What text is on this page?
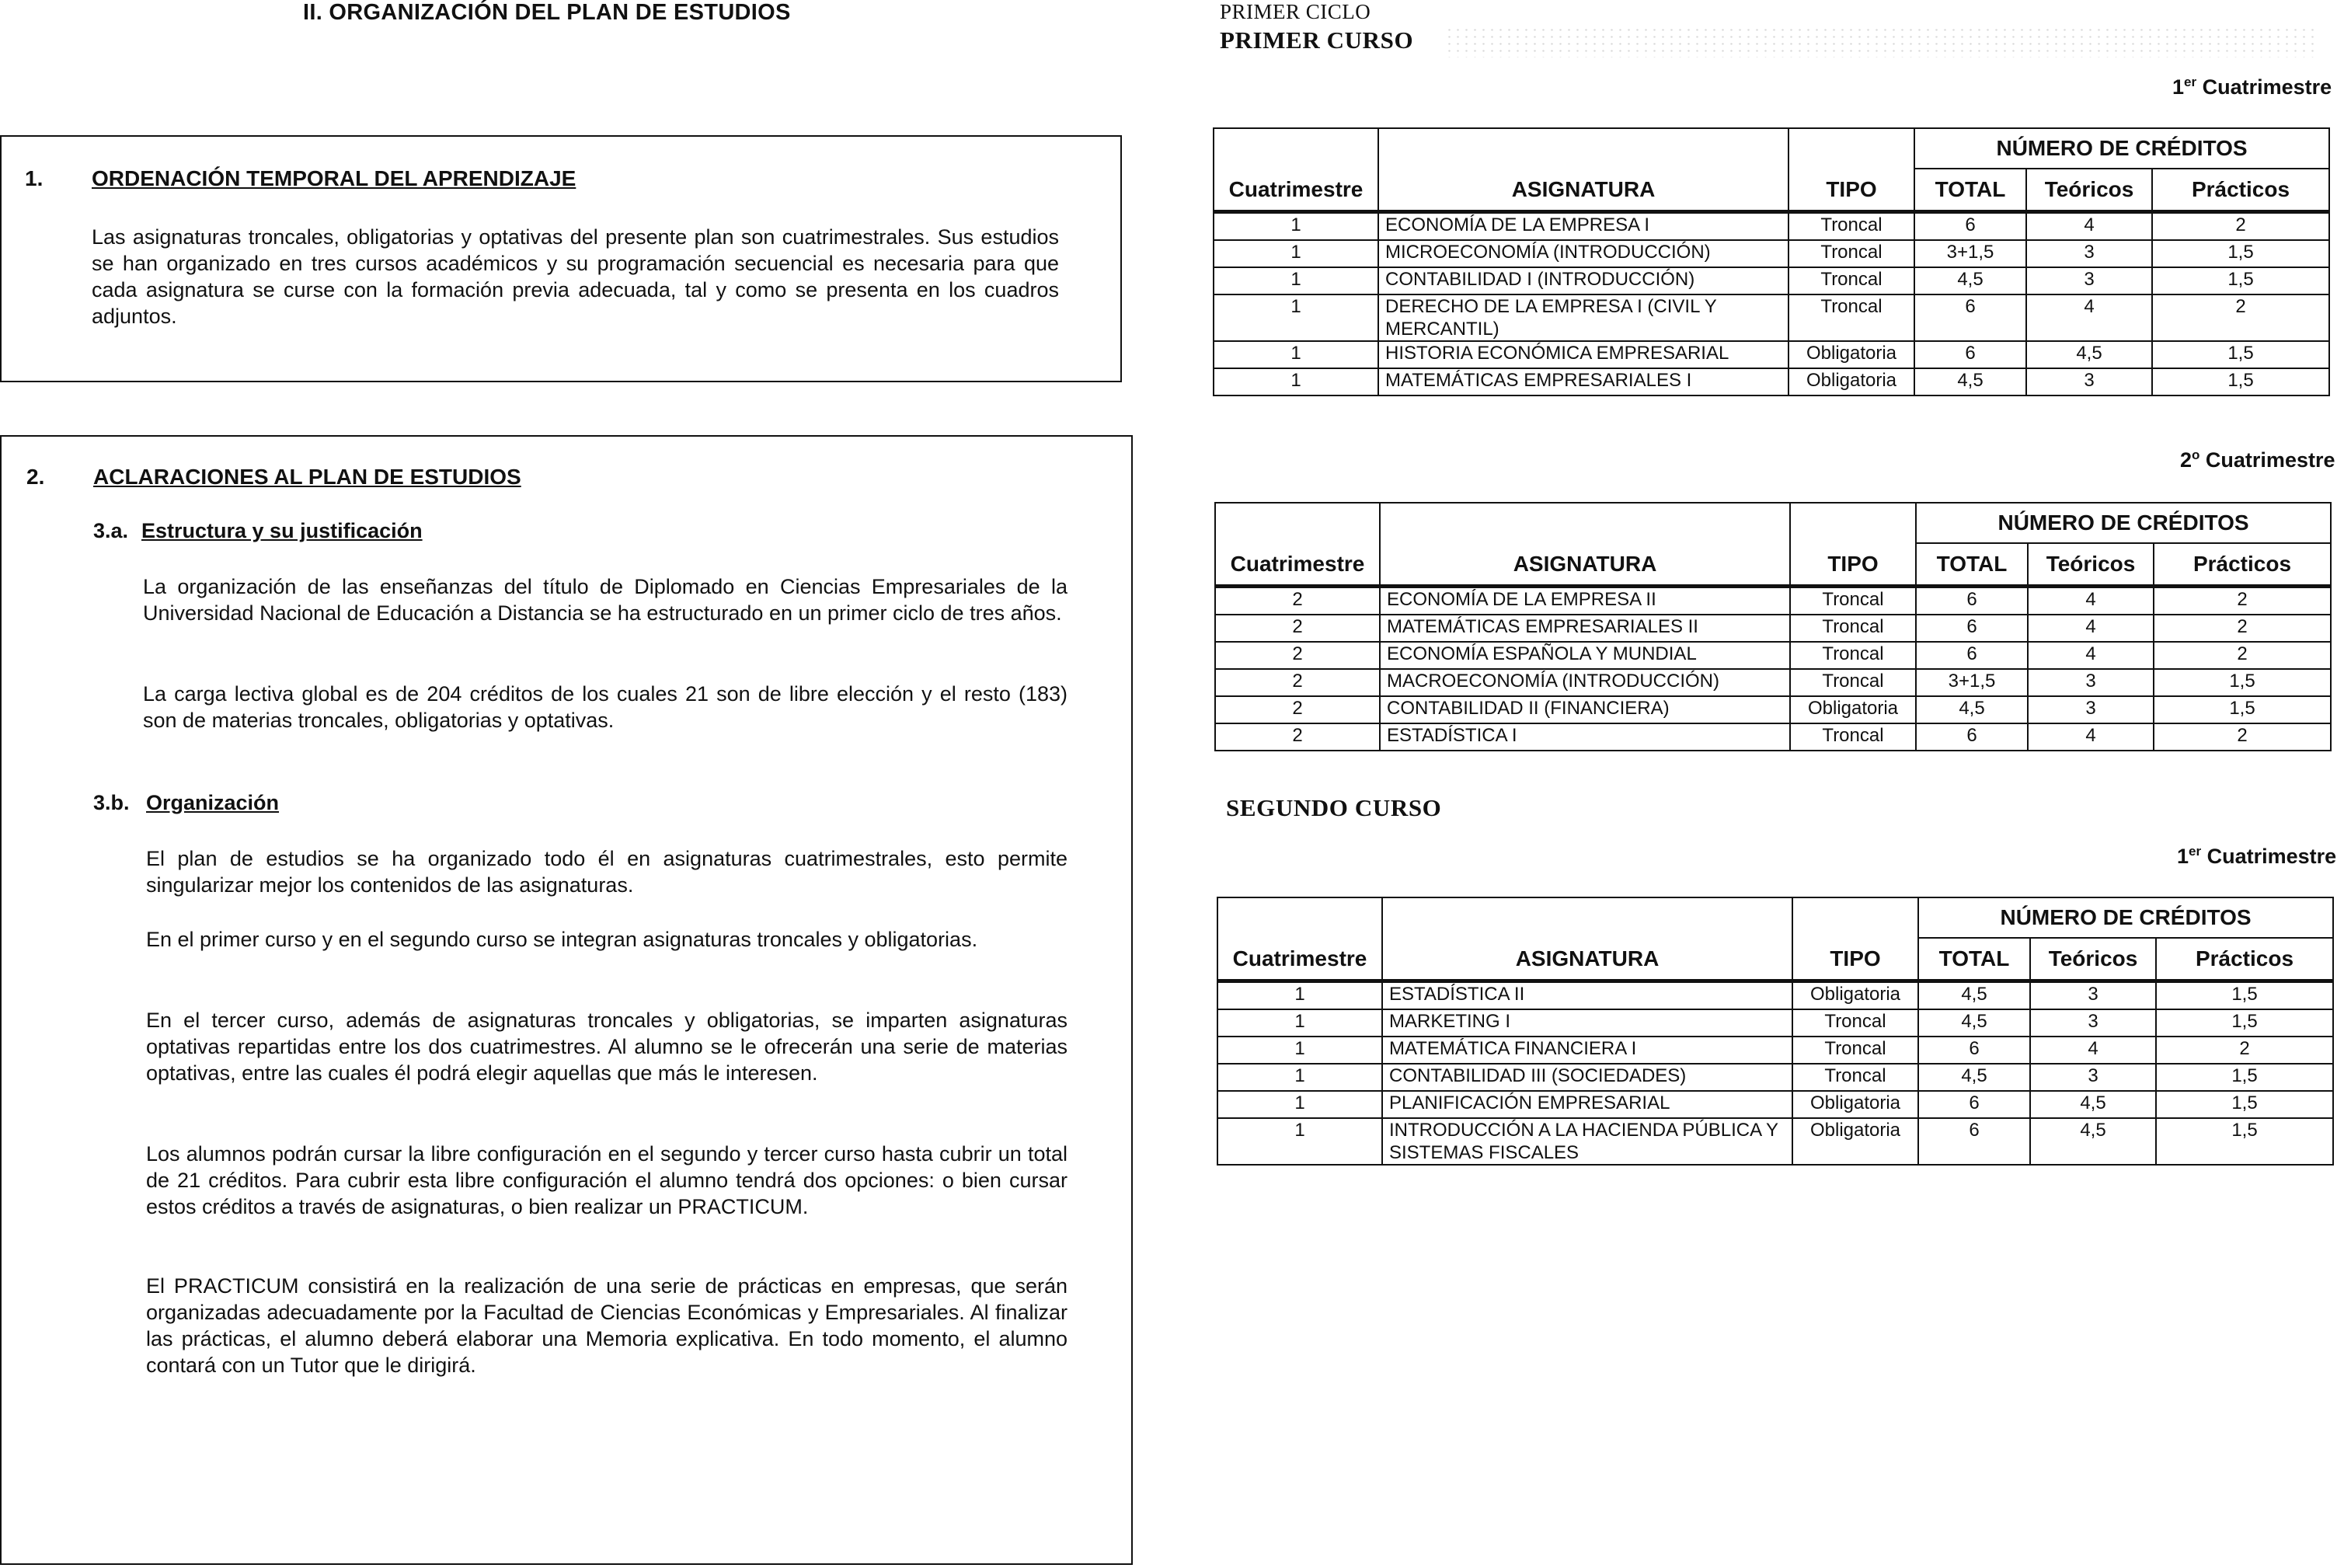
II. ORGANIZACIÓN DEL PLAN DE ESTUDIOS
1. ORDENACIÓN TEMPORAL DEL APRENDIZAJE

Las asignaturas troncales, obligatorias y optativas del presente plan son cuatrimestrales. Sus estudios se han organizado en tres cursos académicos y su programación secuencial es necesaria para que cada asignatura se curse con la formación previa adecuada, tal y como se presenta en los cuadros adjuntos.

2. ACLARACIONES AL PLAN DE ESTUDIOS
3.a. Estructura y su justificación

La organización de las enseñanzas del título de Diplomado en Ciencias Empresariales de la Universidad Nacional de Educación a Distancia se ha estructurado en un primer ciclo de tres años.

La carga lectiva global es de 204 créditos de los cuales 21 son de libre elección y el resto (183) son de materias troncales, obligatorias y optativas.

3.b. Organización

El plan de estudios se ha organizado todo él en asignaturas cuatrimestrales, esto permite singularizar mejor los contenidos de las asignaturas.

En el primer curso y en el segundo curso se integran asignaturas troncales y obligatorias.

En el tercer curso, además de asignaturas troncales y obligatorias, se imparten asignaturas optativas repartidas entre los dos cuatrimestres. Al alumno se le ofrecerán una serie de materias optativas, entre las cuales él podrá elegir aquellas que más le interesen.

Los alumnos podrán cursar la libre configuración en el segundo y tercer curso hasta cubrir un total de 21 créditos. Para cubrir esta libre configuración el alumno tendrá dos opciones: o bien cursar estos créditos a través de asignaturas, o bien realizar un PRACTICUM.

El PRACTICUM consistirá en la realización de una serie de prácticas en empresas, que serán organizadas adecuadamente por la Facultad de Ciencias Económicas y Empresariales. Al finalizar las prácticas, el alumno deberá elaborar una Memoria explicativa. En todo momento, el alumno contará con un Tutor que le dirigirá.

PRIMER CICLO
PRIMER CURSO
1er Cuatrimestre
			NÚMERO DE CRÉDITOS		
Cuatrimestre	ASIGNATURA	TIPO	TOTAL	Teóricos	Prácticos
1	ECONOMÍA DE LA EMPRESA I	Troncal	6	4	2
1	MICROECONOMÍA (INTRODUCCIÓN)	Troncal	3+1,5	3	1,5
1	CONTABILIDAD I (INTRODUCCIÓN)	Troncal	4,5	3	1,5
1	DERECHO DE LA EMPRESA I (CIVIL Y MERCANTIL)	Troncal	6	4	2
1	HISTORIA ECONÓMICA EMPRESARIAL	Obligatoria	6	4,5	1,5
1	MATEMÁTICAS EMPRESARIALES I	Obligatoria	4,5	3	1,5
2$^o$ Cuatrimestre
			NÚMERO DE CRÉDITOS		
Cuatrimestre	ASIGNATURA	TIPO	TOTAL	Teóricos	Prácticos
2	ECONOMÍA DE LA EMPRESA II	Troncal	6	4	2
2	MATEMÁTICAS EMPRESARIALES II	Troncal	6	4	2
2	ECONOMÍA ESPAÑOLA Y MUNDIAL	Troncal	6	4	2
2	MACROECONOMÍA (INTRODUCCIÓN)	Troncal	3+1,5	3	1,5
2	CONTABILIDAD II (FINANCIERA)	Obligatoria	4,5	3	1,5
2	ESTADÍSTICA I	Troncal	6	4	2
SEGUNDO CURSO
1er Cuatrimestre
			NÚMERO DE CRÉDITOS		
Cuatrimestre	ASIGNATURA	TIPO	TOTAL	Teóricos	Prácticos
1	ESTADÍSTICA II	Obligatoria	4,5	3	1,5
1	MARKETING I	Troncal	4,5	3	1,5
1	MATEMÁTICA FINANCIERA I	Troncal	6	4	2
1	CONTABILIDAD III (SOCIEDADES)	Troncal	4,5	3	1,5
1	PLANIFICACIÓN EMPRESARIAL	Obligatoria	6	4,5	1,5
1	INTRODUCCIÓN A LA HACIENDA PÚBLICA Y SISTEMAS FISCALES	Obligatoria	6	4,5	1,5
